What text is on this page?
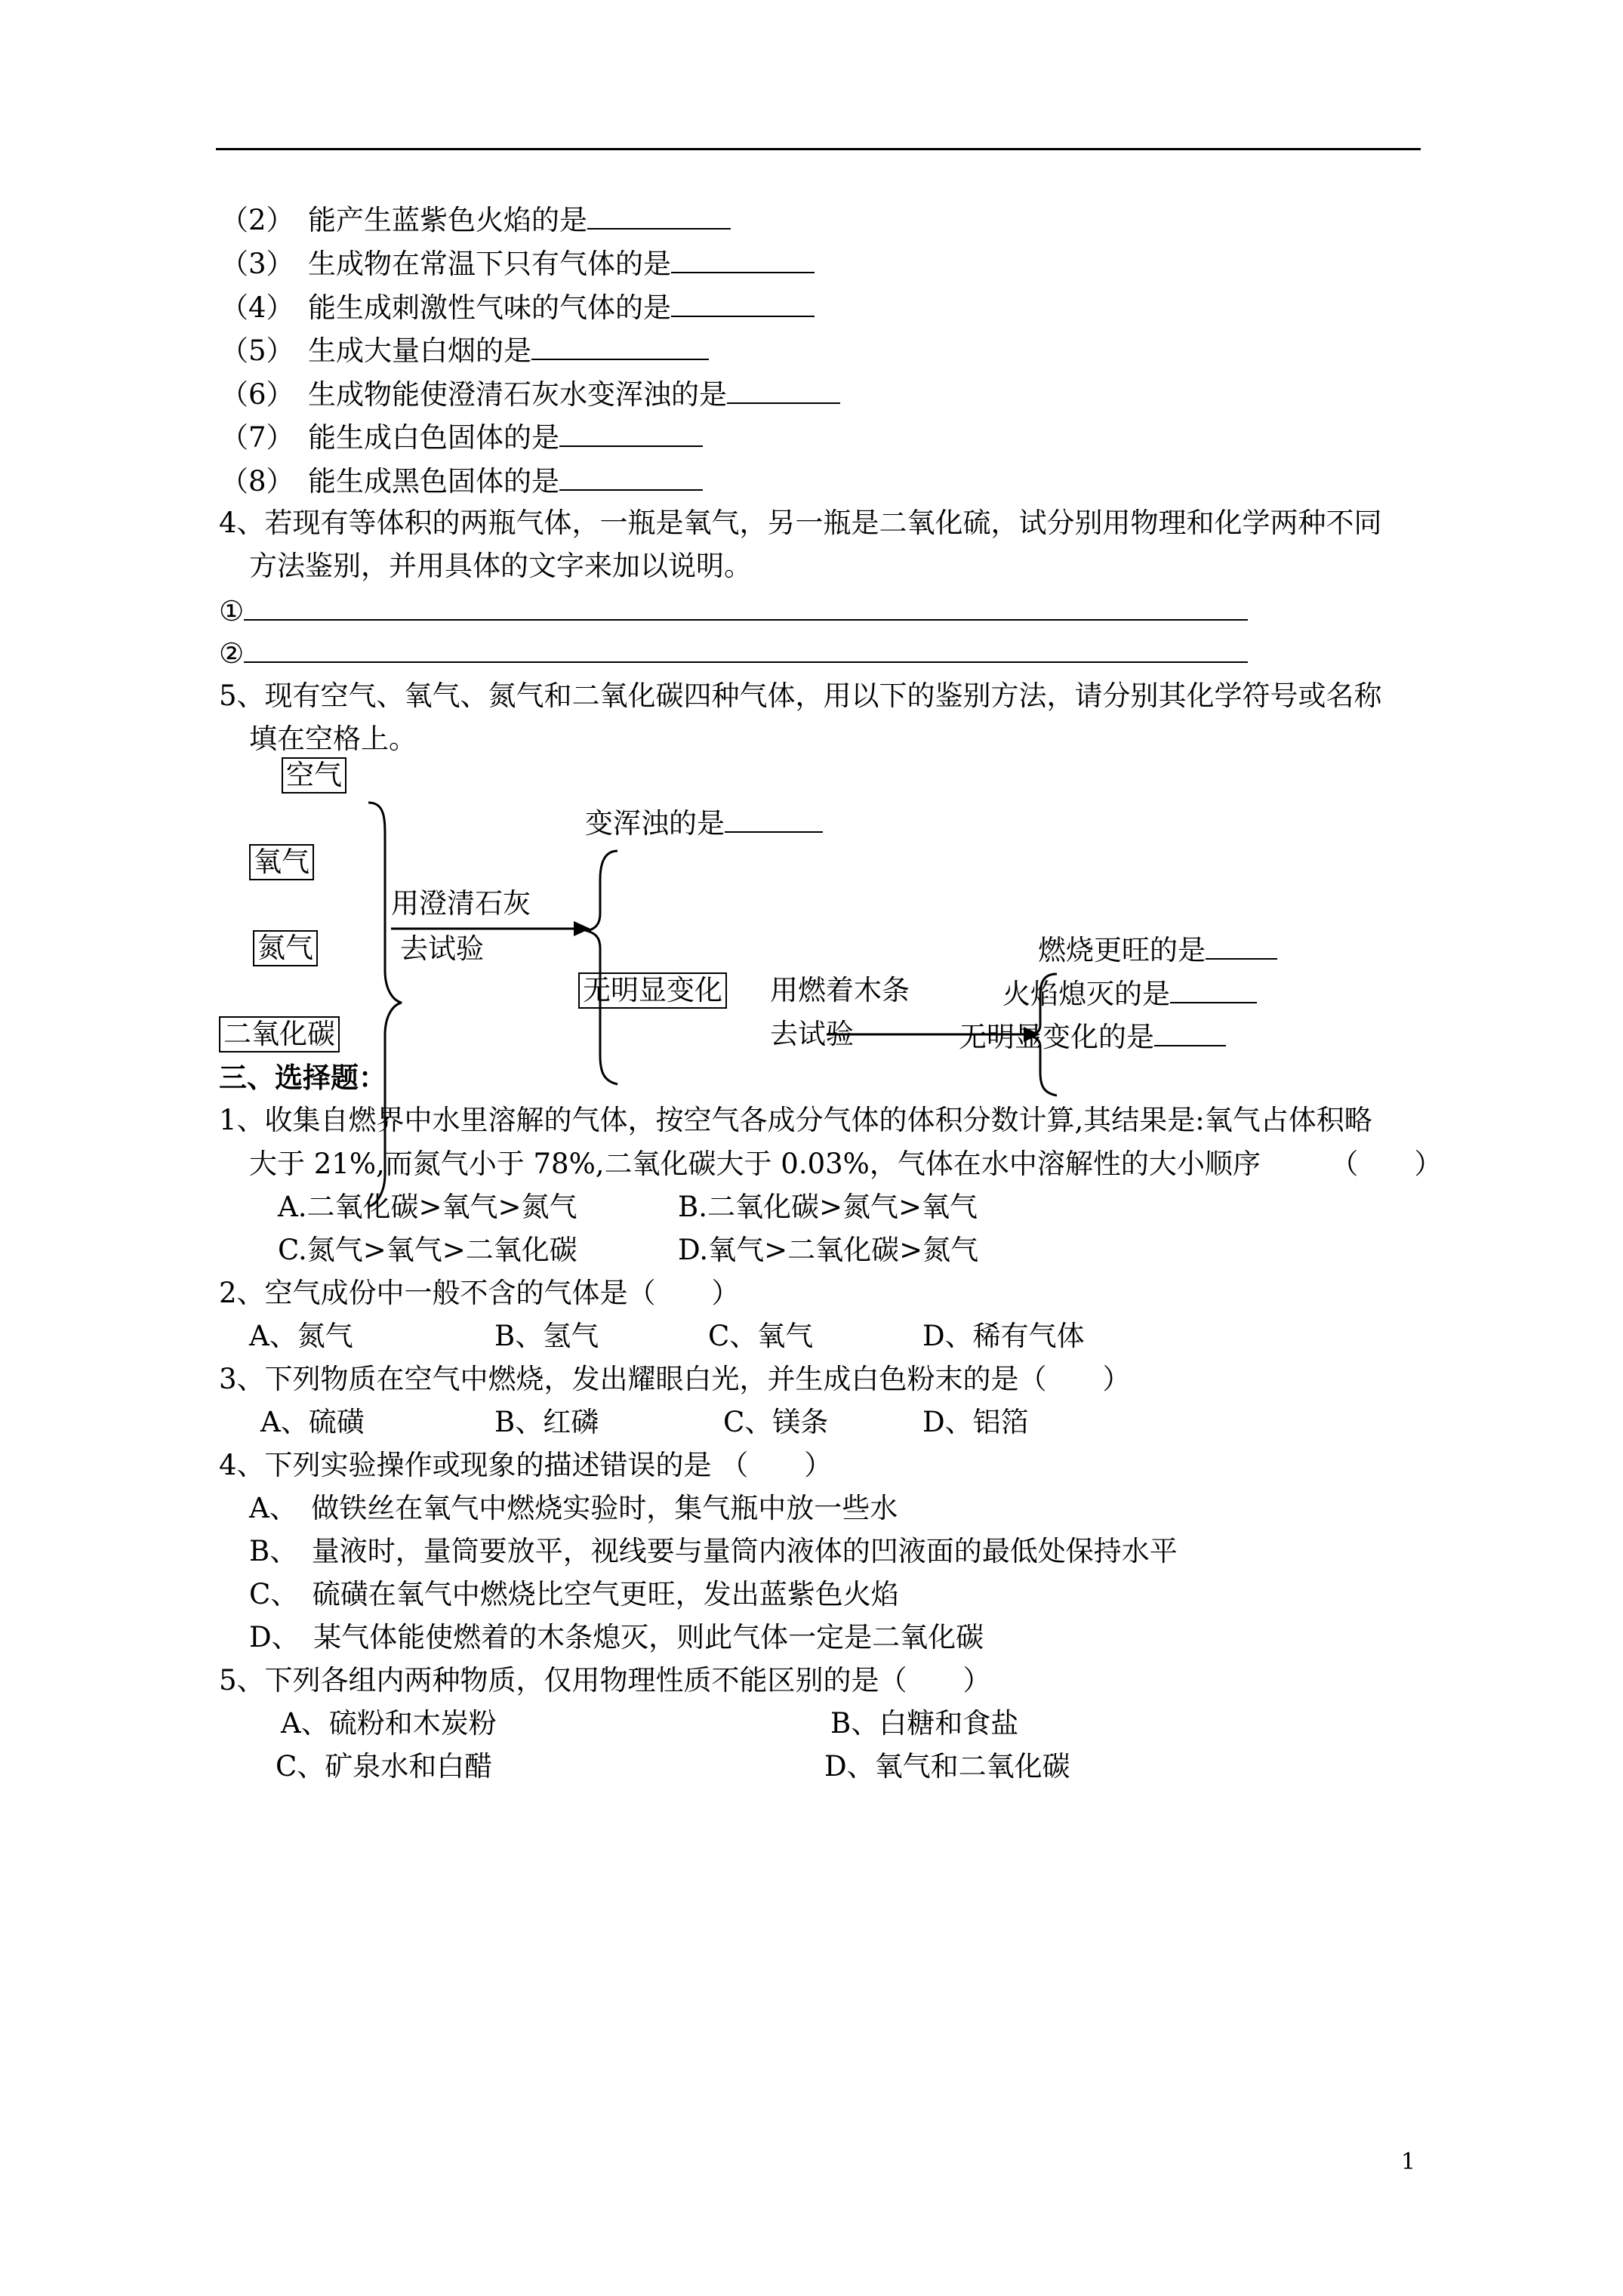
（2）　能产生蓝紫色火焰的是
（3）　生成物在常温下只有气体的是
（4）　能生成刺激性气味的气体的是
（5）　生成大量白烟的是
（6）　生成物能使澄清石灰水变浑浊的是
（7）　能生成白色固体的是
（8）　能生成黑色固体的是
4、若现有等体积的两瓶气体，一瓶是氧气，另一瓶是二氧化硫，试分别用物理和化学两种不同
方法鉴别，并用具体的文字来加以说明。
①
②
5、现有空气、氧气、氮气和二氧化碳四种气体，用以下的鉴别方法，请分别其化学符号或名称
填在空格上。
空气
氧气
氮气
二氧化碳
用澄清石灰
去试验
变浑浊的是
无明显变化 用燃着木条
去试验
燃烧更旺的是
火焰熄灭的是
无明显变化的是
三、选择题：
1、收集自燃界中水里溶解的气体，按空气各成分气体的体积分数计算,其结果是:氧气占体积略
大于 21%,而氮气小于 78%,二氧化碳大于 0.03%，气体在水中溶解性的大小顺序　　　（　　）
A.二氧化碳>氧气>氮气	B.二氧化碳>氮气>氧气
C.氮气>氧气>二氧化碳	D.氧气>二氧化碳>氮气
2、空气成份中一般不含的气体是（　　）
A、氮气	B、氢气	C、氧气	D、稀有气体
3、下列物质在空气中燃烧，发出耀眼白光，并生成白色粉末的是（　　）
A、硫磺	B、红磷	C、镁条	D、铝箔
4、下列实验操作或现象的描述错误的是 （　　）
A、　做铁丝在氧气中燃烧实验时，集气瓶中放一些水
B、　量液时，量筒要放平，视线要与量筒内液体的凹液面的最低处保持水平
C、　硫磺在氧气中燃烧比空气更旺，发出蓝紫色火焰
D、　某气体能使燃着的木条熄灭，则此气体一定是二氧化碳
5、下列各组内两种物质，仅用物理性质不能区别的是（　　）
A、硫粉和木炭粉	B、白糖和食盐
C、矿泉水和白醋	D、氧气和二氧化碳
1
